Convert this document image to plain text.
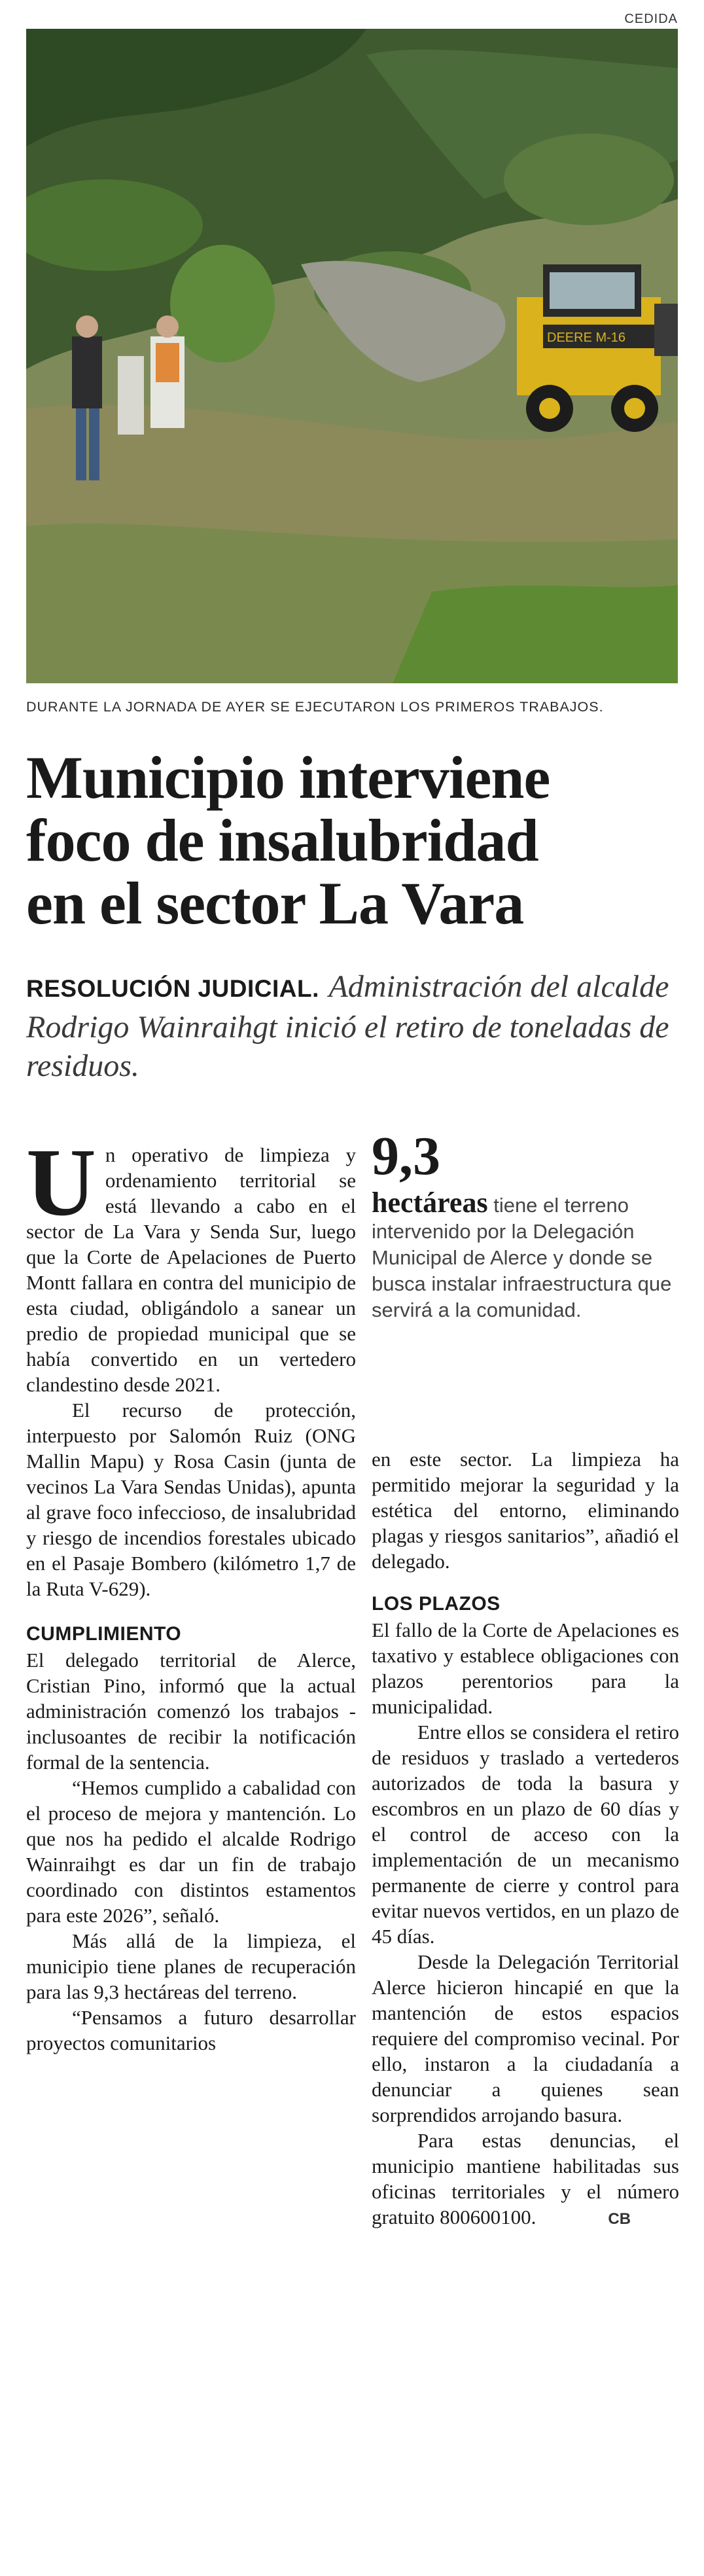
CEDIDA
DEERE M-16
DURANTE LA JORNADA DE AYER SE EJECUTARON LOS PRIMEROS TRABAJOS.
Municipio interviene
foco de insalubridad
en el sector La Vara
RESOLUCIÓN JUDICIAL. Administración del alcalde Rodrigo Wainraihgt inició el retiro de toneladas de residuos.

Un operativo de limpieza y ordenamiento territorial se está llevando a cabo en el sector de La Vara y Senda Sur, luego que la Corte de Apelaciones de Puerto Montt fallara en contra del municipio de esta ciudad, obligándolo a sanear un predio de propiedad municipal que se había convertido en un vertedero clandestino desde 2021.

El recurso de protección, interpuesto por Salomón Ruiz (ONG Mallin Mapu) y Rosa Casin (junta de vecinos La Vara Sendas Unidas), apunta al grave foco infeccioso, de insalubridad y riesgo de incendios forestales ubicado en el Pasaje Bombero (kilómetro 1,7 de la Ruta V-629).

CUMPLIMIENTO

El delegado territorial de Alerce, Cristian Pino, informó que la actual administración comenzó los trabajos -inclusoantes de recibir la notificación formal de la sentencia.

“Hemos cumplido a cabalidad con el proceso de mejora y mantención. Lo que nos ha pedido el alcalde Rodrigo Wainraihgt es dar un fin de trabajo coordinado con distintos estamentos para este 2026”, señaló.

Más allá de la limpieza, el municipio tiene planes de recuperación para las 9,3 hectáreas del terreno.

“Pensamos a futuro desarrollar proyectos comunitarios

9,3
hectáreas tiene el terreno intervenido por la Delegación Municipal de Alerce y donde se busca instalar infraestructura que servirá a la comunidad.

en este sector. La limpieza ha permitido mejorar la seguridad y la estética del entorno, eliminando plagas y riesgos sanitarios”, añadió el delegado.

LOS PLAZOS

El fallo de la Corte de Apelaciones es taxativo y establece obligaciones con plazos perentorios para la municipalidad.

Entre ellos se considera el retiro de residuos y traslado a vertederos autorizados de toda la basura y escombros en un plazo de 60 días y el control de acceso con la implementación de un mecanismo permanente de cierre y control para evitar nuevos vertidos, en un plazo de 45 días.

Desde la Delegación Territorial Alerce hicieron hincapié en que la mantención de estos espacios requiere del compromiso vecinal. Por ello, instaron a la ciudadanía a denunciar a quienes sean sorprendidos arrojando basura.

Para estas denuncias, el municipio mantiene habilitadas sus oficinas territoriales y el número gratuito 800600100.	CB
